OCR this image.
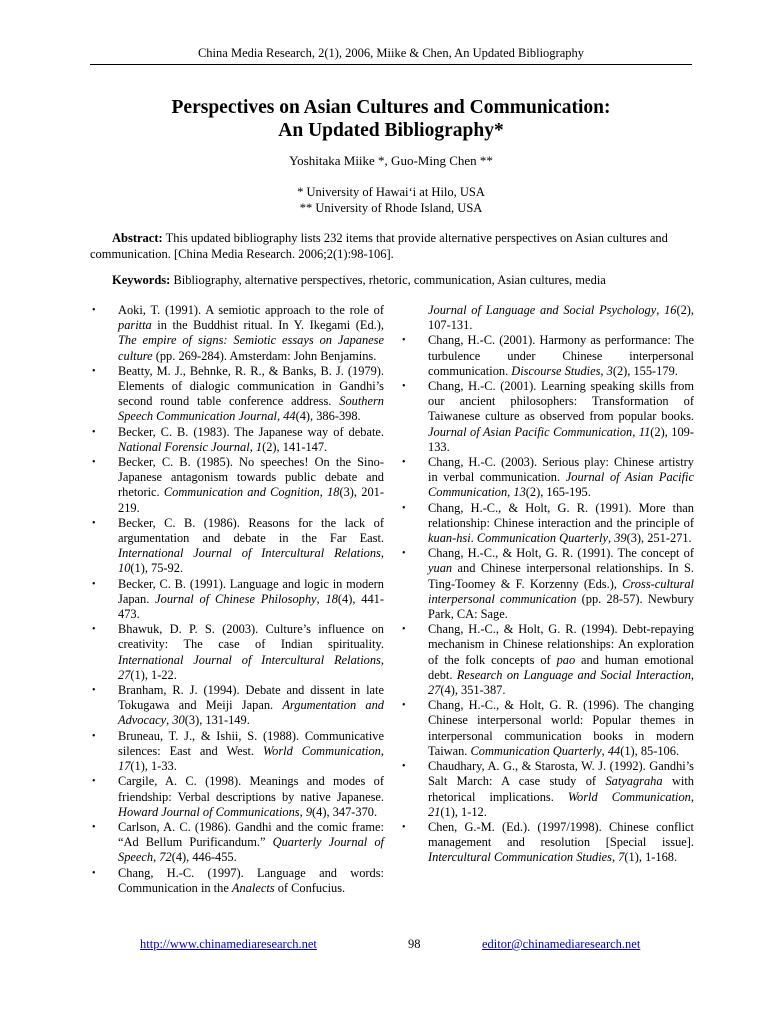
China Media Research, 2(1), 2006, Miike & Chen, An Updated Bibliography
Perspectives on Asian Cultures and Communication:
An Updated Bibliography*
Yoshitaka Miike *, Guo-Ming Chen **
* University of Hawai‘i at Hilo, USA
** University of Rhode Island, USA
Abstract: This updated bibliography lists 232 items that provide alternative perspectives on Asian cultures and communication. [China Media Research. 2006;2(1):98-106].
Keywords: Bibliography, alternative perspectives, rhetoric, communication, Asian cultures, media
• Aoki, T. (1991). A semiotic approach to the role of paritta in the Buddhist ritual. In Y. Ikegami (Ed.), The empire of signs: Semiotic essays on Japanese culture (pp. 269-284). Amsterdam: John Benjamins.
• Beatty, M. J., Behnke, R. R., & Banks, B. J. (1979). Elements of dialogic communication in Gandhi’s second round table conference address. Southern Speech Communication Journal, 44(4), 386-398.
• Becker, C. B. (1983). The Japanese way of debate. National Forensic Journal, 1(2), 141-147.
• Becker, C. B. (1985). No speeches! On the Sino-Japanese antagonism towards public debate and rhetoric. Communication and Cognition, 18(3), 201-219.
• Becker, C. B. (1986). Reasons for the lack of argumentation and debate in the Far East. International Journal of Intercultural Relations, 10(1), 75-92.
• Becker, C. B. (1991). Language and logic in modern Japan. Journal of Chinese Philosophy, 18(4), 441-473.
• Bhawuk, D. P. S. (2003). Culture’s influence on creativity: The case of Indian spirituality. International Journal of Intercultural Relations, 27(1), 1-22.
• Branham, R. J. (1994). Debate and dissent in late Tokugawa and Meiji Japan. Argumentation and Advocacy, 30(3), 131-149.
• Bruneau, T. J., & Ishii, S. (1988). Communicative silences: East and West. World Communication, 17(1), 1-33.
• Cargile, A. C. (1998). Meanings and modes of friendship: Verbal descriptions by native Japanese. Howard Journal of Communications, 9(4), 347-370.
• Carlson, A. C. (1986). Gandhi and the comic frame: “Ad Bellum Purificandum.” Quarterly Journal of Speech, 72(4), 446-455.
• Chang, H.-C. (1997). Language and words: Communication in the Analects of Confucius.
Journal of Language and Social Psychology, 16(2), 107-131.
• Chang, H.-C. (2001). Harmony as performance: The turbulence under Chinese interpersonal communication. Discourse Studies, 3(2), 155-179.
• Chang, H.-C. (2001). Learning speaking skills from our ancient philosophers: Transformation of Taiwanese culture as observed from popular books. Journal of Asian Pacific Communication, 11(2), 109-133.
• Chang, H.-C. (2003). Serious play: Chinese artistry in verbal communication. Journal of Asian Pacific Communication, 13(2), 165-195.
• Chang, H.-C., & Holt, G. R. (1991). More than relationship: Chinese interaction and the principle of kuan-hsi. Communication Quarterly, 39(3), 251-271.
• Chang, H.-C., & Holt, G. R. (1991). The concept of yuan and Chinese interpersonal relationships. In S. Ting-Toomey & F. Korzenny (Eds.), Cross-cultural interpersonal communication (pp. 28-57). Newbury Park, CA: Sage.
• Chang, H.-C., & Holt, G. R. (1994). Debt-repaying mechanism in Chinese relationships: An exploration of the folk concepts of pao and human emotional debt. Research on Language and Social Interaction, 27(4), 351-387.
• Chang, H.-C., & Holt, G. R. (1996). The changing Chinese interpersonal world: Popular themes in interpersonal communication books in modern Taiwan. Communication Quarterly, 44(1), 85-106.
• Chaudhary, A. G., & Starosta, W. J. (1992). Gandhi’s Salt March: A case study of Satyagraha with rhetorical implications. World Communication, 21(1), 1-12.
• Chen, G.-M. (Ed.). (1997/1998). Chinese conflict management and resolution [Special issue]. Intercultural Communication Studies, 7(1), 1-168.
http://www.chinamediaresearch.net	98	editor@chinamediaresearch.net
